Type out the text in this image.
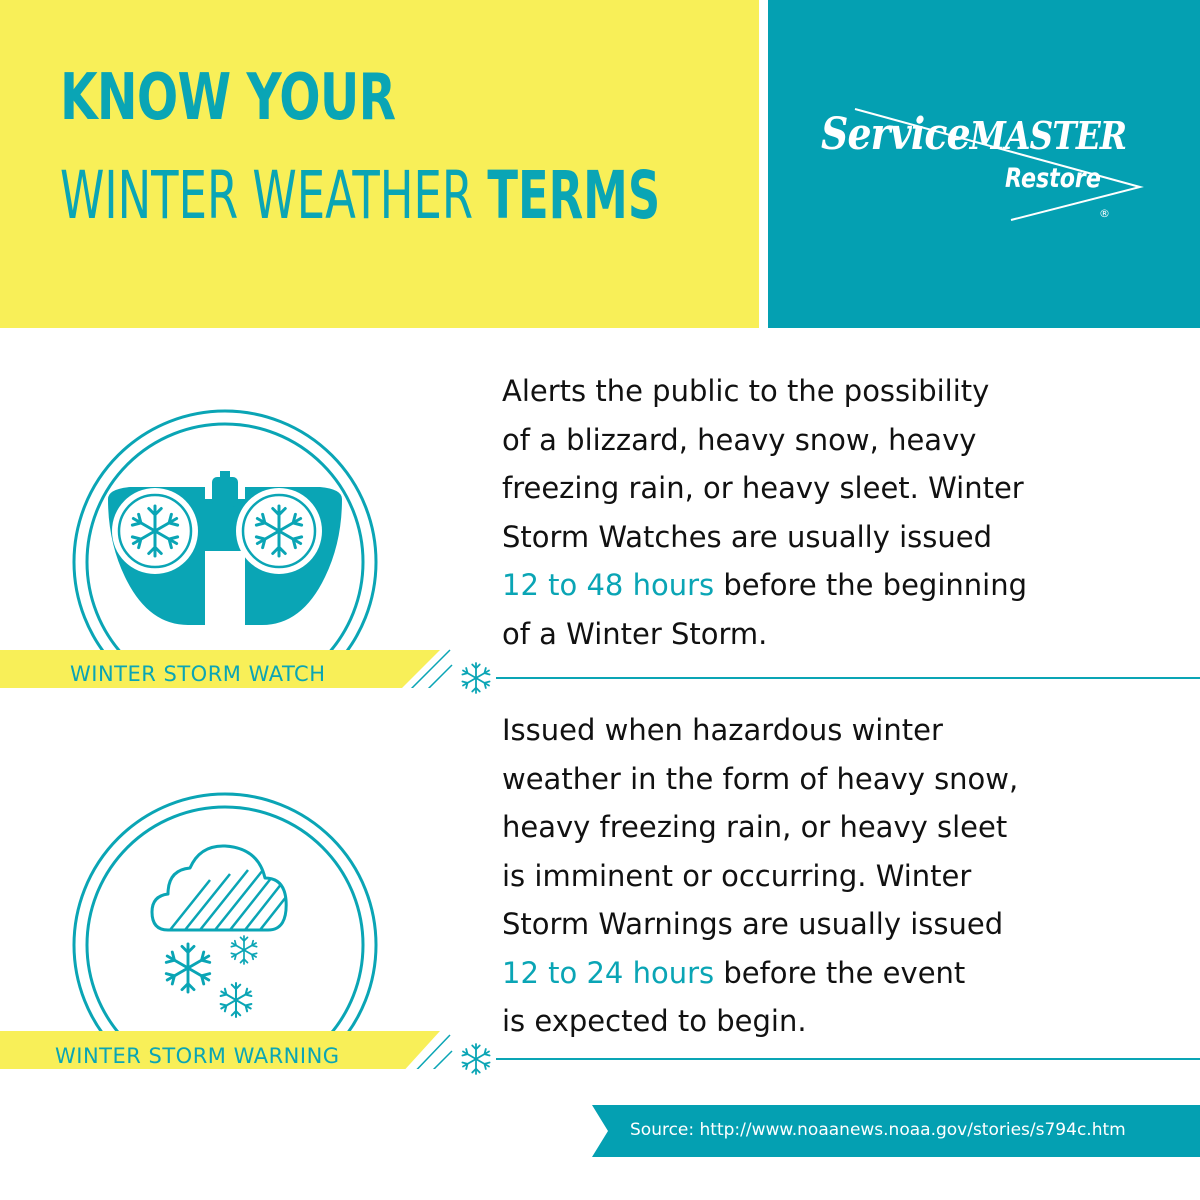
KNOW YOUR
WINTER WEATHER TERMS
ServiceMASTER
Restore
®
WINTER STORM WATCH
Alerts the public to the possibility
of a blizzard, heavy snow, heavy
freezing rain, or heavy sleet. Winter
Storm Watches are usually issued
12 to 48 hours before the beginning
of a Winter Storm.
WINTER STORM WARNING
Issued when hazardous winter
weather in the form of heavy snow,
heavy freezing rain, or heavy sleet
is imminent or occurring. Winter
Storm Warnings are usually issued
12 to 24 hours before the event
is expected to begin.
Source: http://www.noaanews.noaa.gov/stories/s794c.htm
